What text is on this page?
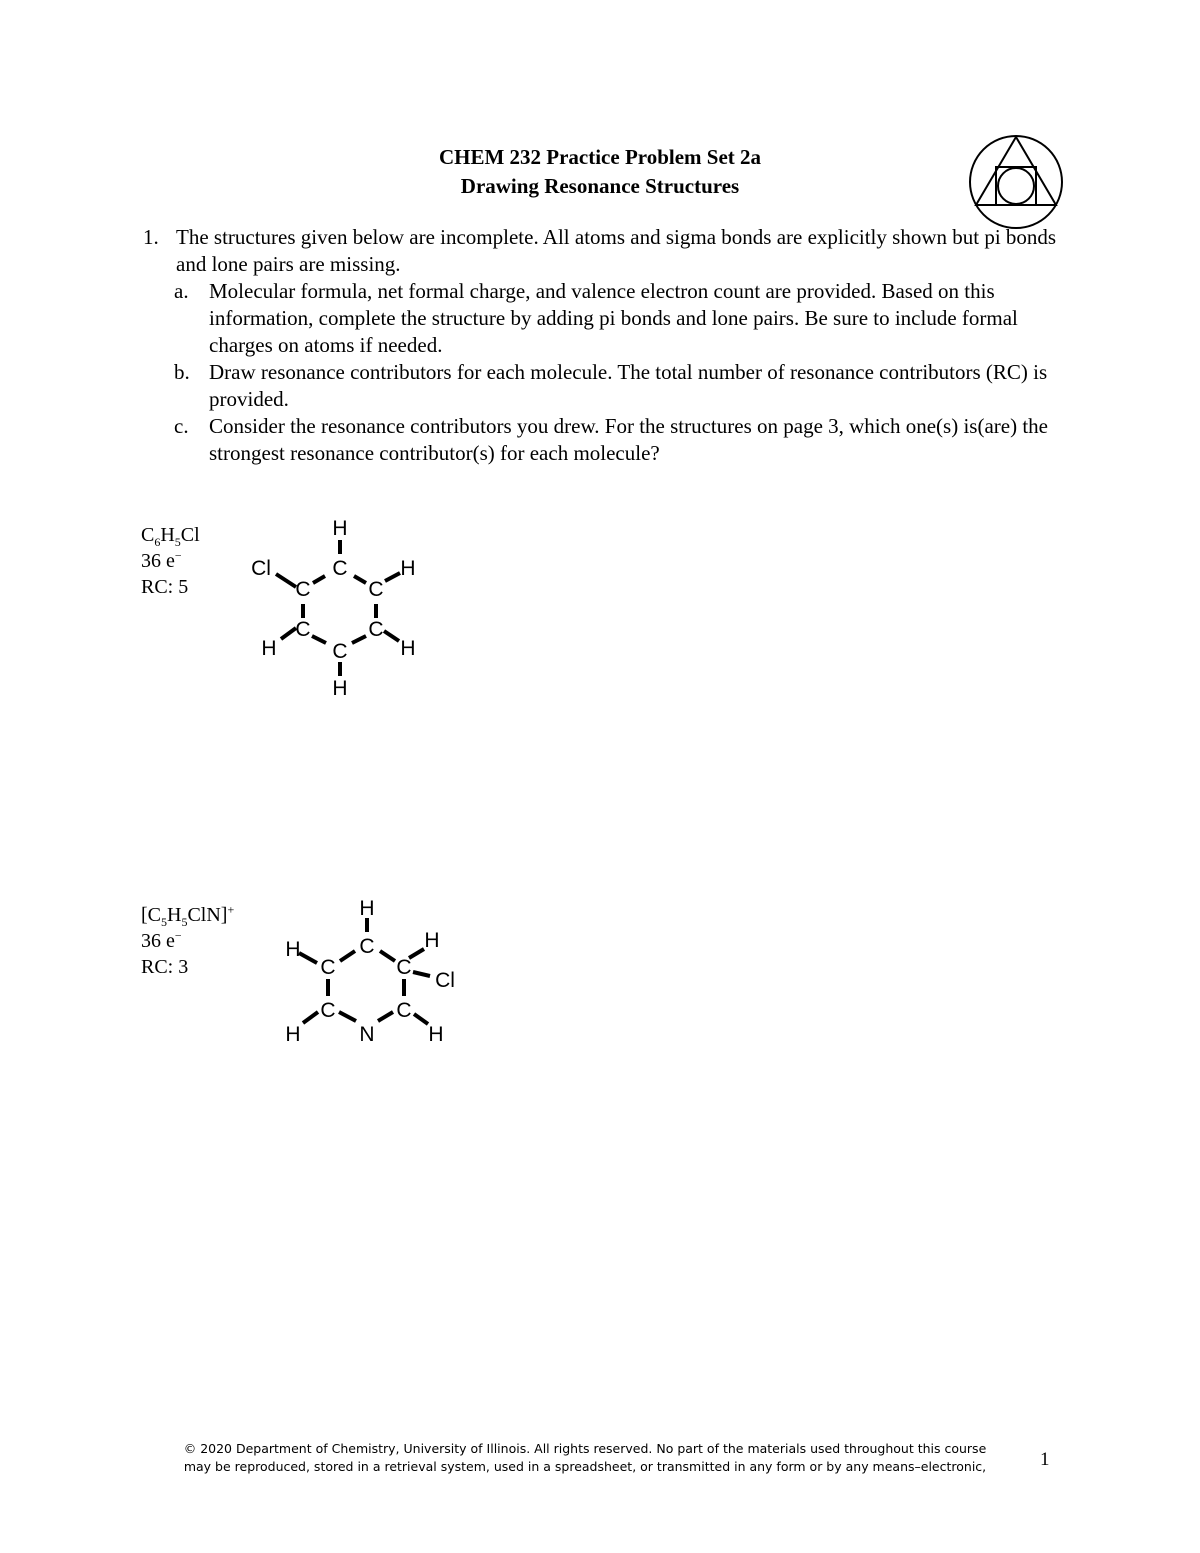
CHEM 232 Practice Problem Set 2a
Drawing Resonance Structures
1. The structures given below are incomplete. All atoms and sigma bonds are explicitly shown but pi bonds and lone pairs are missing.
a. Molecular formula, net formal charge, and valence electron count are provided. Based on this information, complete the structure by adding pi bonds and lone pairs. Be sure to include formal charges on atoms if needed.
b. Draw resonance contributors for each molecule. The total number of resonance contributors (RC) is provided.
c. Consider the resonance contributors you drew. For the structures on page 3, which one(s) is(are) the strongest resonance contributor(s) for each molecule?
$C_6H_5Cl$
36 e−
RC: 5
H
C
Cl
C	C
H
C	C
H	C	H
H
$[C_5H_5ClN]^+$
36 e−
RC: 3
H
C
H
C	C
H
Cl
C	C
N
H	H
© 2020 Department of Chemistry, University of Illinois. All rights reserved. No part of the materials used throughout this course
may be reproduced, stored in a retrieval system, used in a spreadsheet, or transmitted in any form or by any means–electronic,	1
